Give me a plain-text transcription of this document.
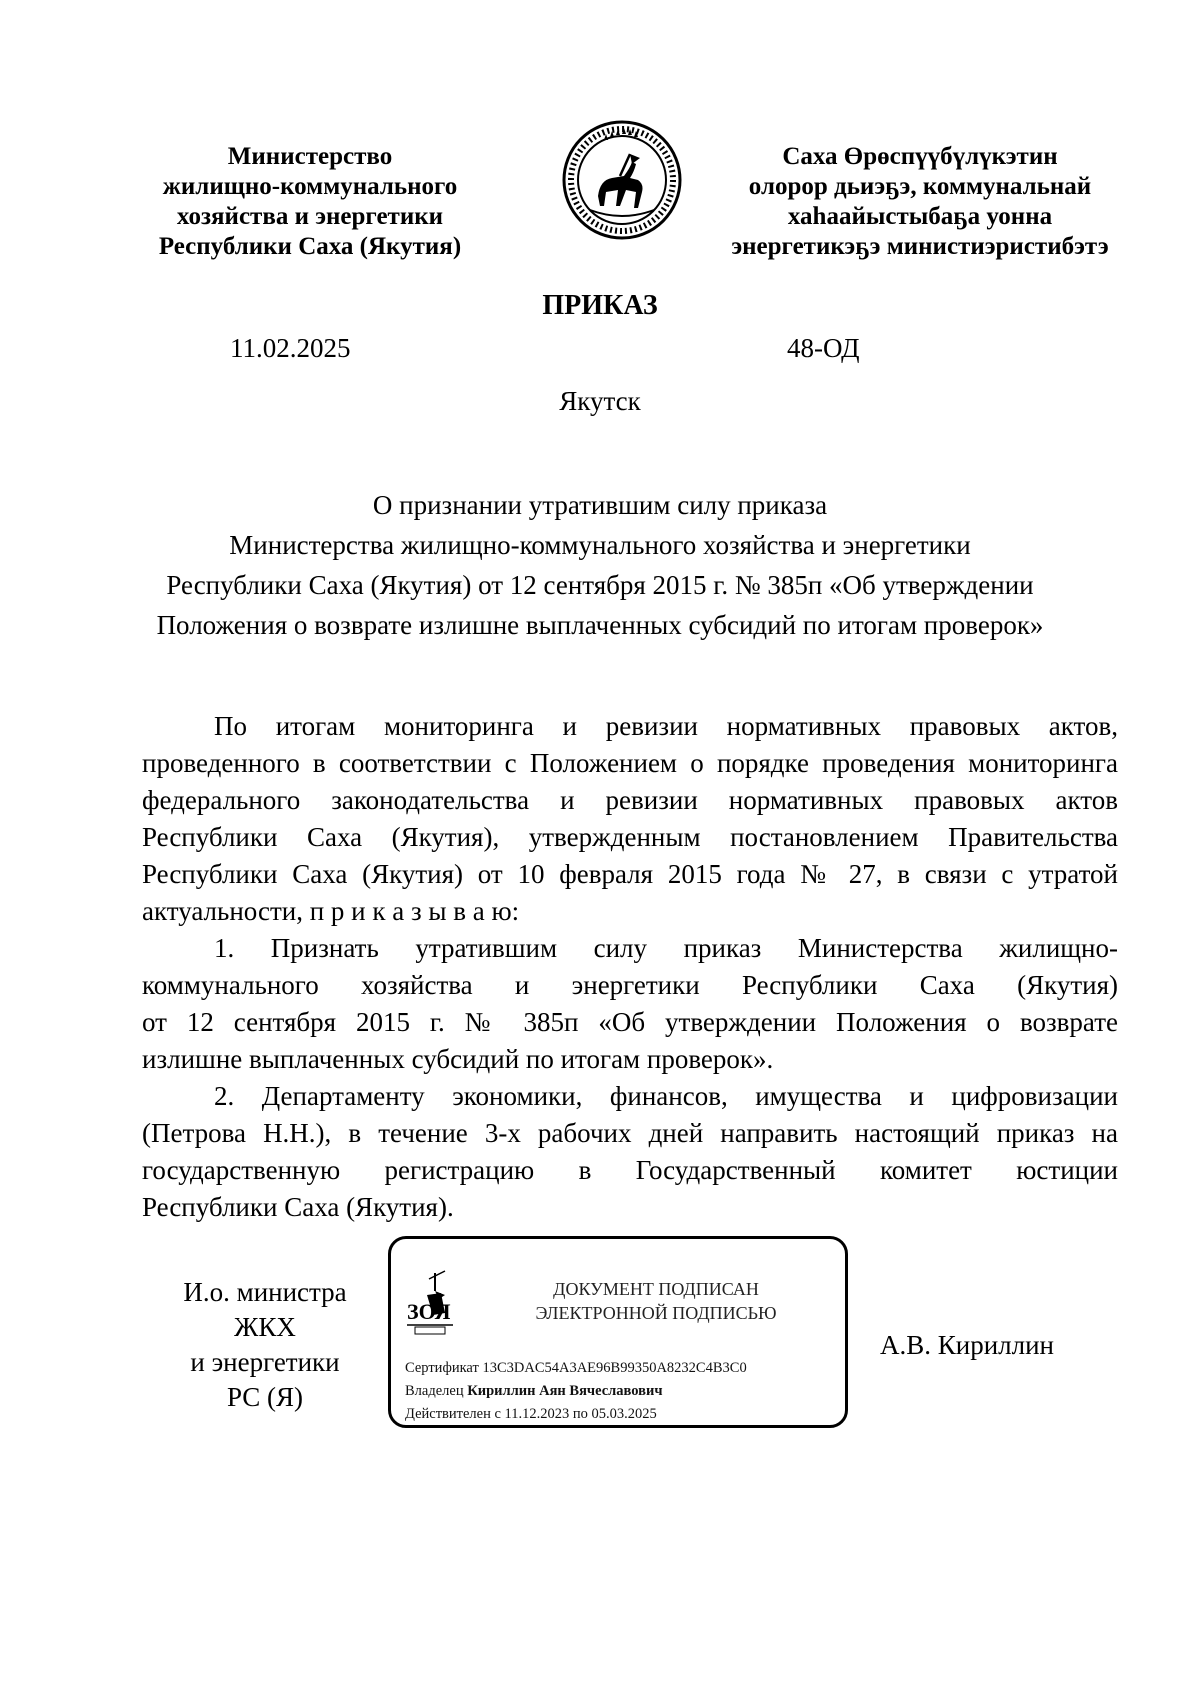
Министерство
жилищно-коммунального
хозяйства и энергетики
Республики Саха (Якутия)
Саха Өрөспүүбүлүкэтин
олорор дьиэҕэ, коммунальнай
хаһаайыстыбаҕа уонна
энергетикэҕэ министиэристибэтэ
ПРИКАЗ
11.02.2025	48-ОД
Якутск
О признании утратившим силу приказа
Министерства жилищно-коммунального хозяйства и энергетики
Республики Саха (Якутия) от 12 сентября 2015 г. № 385п «Об утверждении
Положения о возврате излишне выплаченных субсидий по итогам проверок»

По итогам мониторинга и ревизии нормативных правовых актов,

проведенного в соответствии с Положением о порядке проведения мониторинга

федерального законодательства и ревизии нормативных правовых актов

Республики Саха (Якутия), утвержденным постановлением Правительства

Республики Саха (Якутия) от 10 февраля 2015 года № 27, в связи с утратой

актуальности, п р и к а з ы в а ю:

1. Признать утратившим силу приказ Министерства жилищно-

коммунального хозяйства и энергетики Республики Саха (Якутия)

от 12 сентября 2015 г. № 385п «Об утверждении Положения о возврате

излишне выплаченных субсидий по итогам проверок».

2. Департаменту экономики, финансов, имущества и цифровизации

(Петрова Н.Н.), в течение 3-х рабочих дней направить настоящий приказ на

государственную регистрацию в Государственный комитет юстиции

Республики Саха (Якутия).

И.о. министра
ЖКХ
и энергетики
РС (Я)
ЗОЯ
ДОКУМЕНТ ПОДПИСАН
ЭЛЕКТРОННОЙ ПОДПИСЬЮ
Сертификат 13C3DAC54A3AE96B99350A8232C4B3C0
Владелец Кириллин Аян Вячеславович
Действителен с 11.12.2023 по 05.03.2025
А.В. Кириллин
